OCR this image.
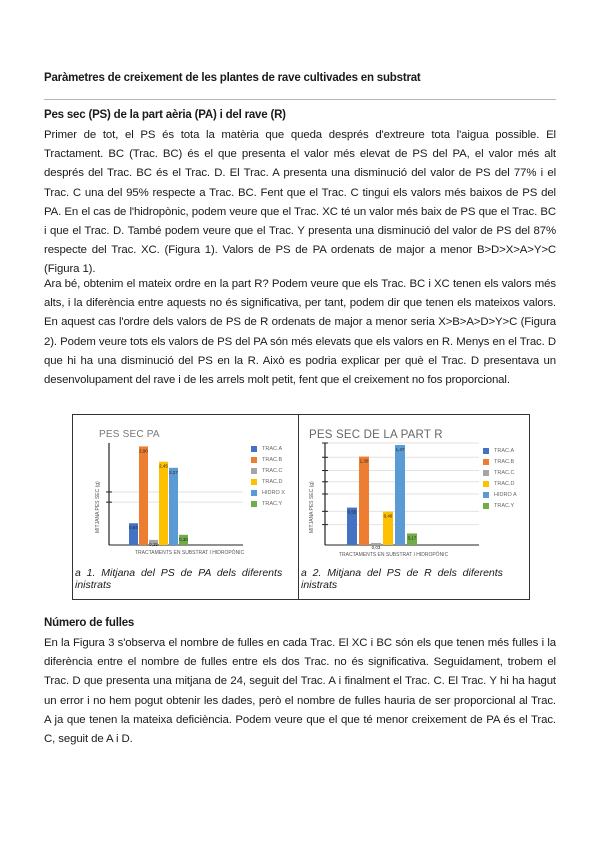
Paràmetres de creixement de les plantes de rave cultivades en substrat
Pes sec (PS) de la part aèria (PA) i del rave (R)
Primer de tot, el PS és tota la matèria que queda després d'extreure tota l'aigua possible. El Tractament. BC (Trac. BC) és el que presenta el valor més elevat de PS del PA, el valor més alt després del Trac. BC és el Trac. D. El Trac. A presenta una disminució del valor de PS del 77% i el Trac. C una del 95% respecte a Trac. BC. Fent que el Trac. C tingui els valors més baixos de PS del PA. En el cas de l'hidropònic, podem veure que el Trac. XC té un valor més baix de PS que el Trac. BC i que el Trac. D. També podem veure que el Trac. Y presenta una disminució del valor de PS del 87% respecte del Trac. XC. (Figura 1). Valors de PS de PA ordenats de major a menor B>D>X>A>Y>C (Figura 1).
Ara bé, obtenim el mateix ordre en la part R? Podem veure que els Trac. BC i XC tenen els valors més alts, i la diferència entre aquests no és significativa, per tant, podem dir que tenen els mateixos valors. En aquest cas l'ordre dels valors de PS de R ordenats de major a menor seria X>B>A>D>Y>C (Figura 2). Podem veure tots els valors de PS del PA són més elevats que els valors en R. Menys en el Trac. D que hi ha una disminució del PS en la R. Això es podria explicar per què el Trac. D presentava un desenvolupament del rave i de les arrels molt petit, fent que el creixement no fos proporcional.
PES SEC PA
0,64
2,90
0,15
2,45
2,27
0,30
TRAC.A
TRAC.B
TRAC.C
TRAC.D
HIDRO X
TRAC.Y
TRACTAMENTS EN SUBSTRAT I HIDROPÒNIC
MITJANA PES SEC (g)
a  1.  Mitjana  del  PS  de  PA  dels  diferents
inistrats
PES SEC DE LA PART R
0,55
1,30
0,03
0,49
1,47
0,17
TRAC.A
TRAC.B
TRAC.C
TRAC.D
HIDRO A
TRAC.Y
TRACTAMENTS EN SUBSTRAT I HIDROPÒNIC
MITJANA PES SEC (g)
a  2.  Mitjana  del  PS  de  R  dels  diferents
inistrats
Número de fulles
En la Figura 3 s'observa el nombre de fulles en cada Trac. El XC i BC són els que tenen més fulles i la diferència entre el nombre de fulles entre els dos Trac. no és significativa. Seguidament, trobem el Trac. D que presenta una mitjana de 24, seguit del Trac. A i finalment el Trac. C. El Trac. Y hi ha hagut un error i no hem pogut obtenir les dades, però el nombre de fulles hauria de ser proporcional al Trac. A ja que tenen la mateixa deficiència. Podem veure que el que té menor creixement de PA és el Trac. C, seguit de A i D.
